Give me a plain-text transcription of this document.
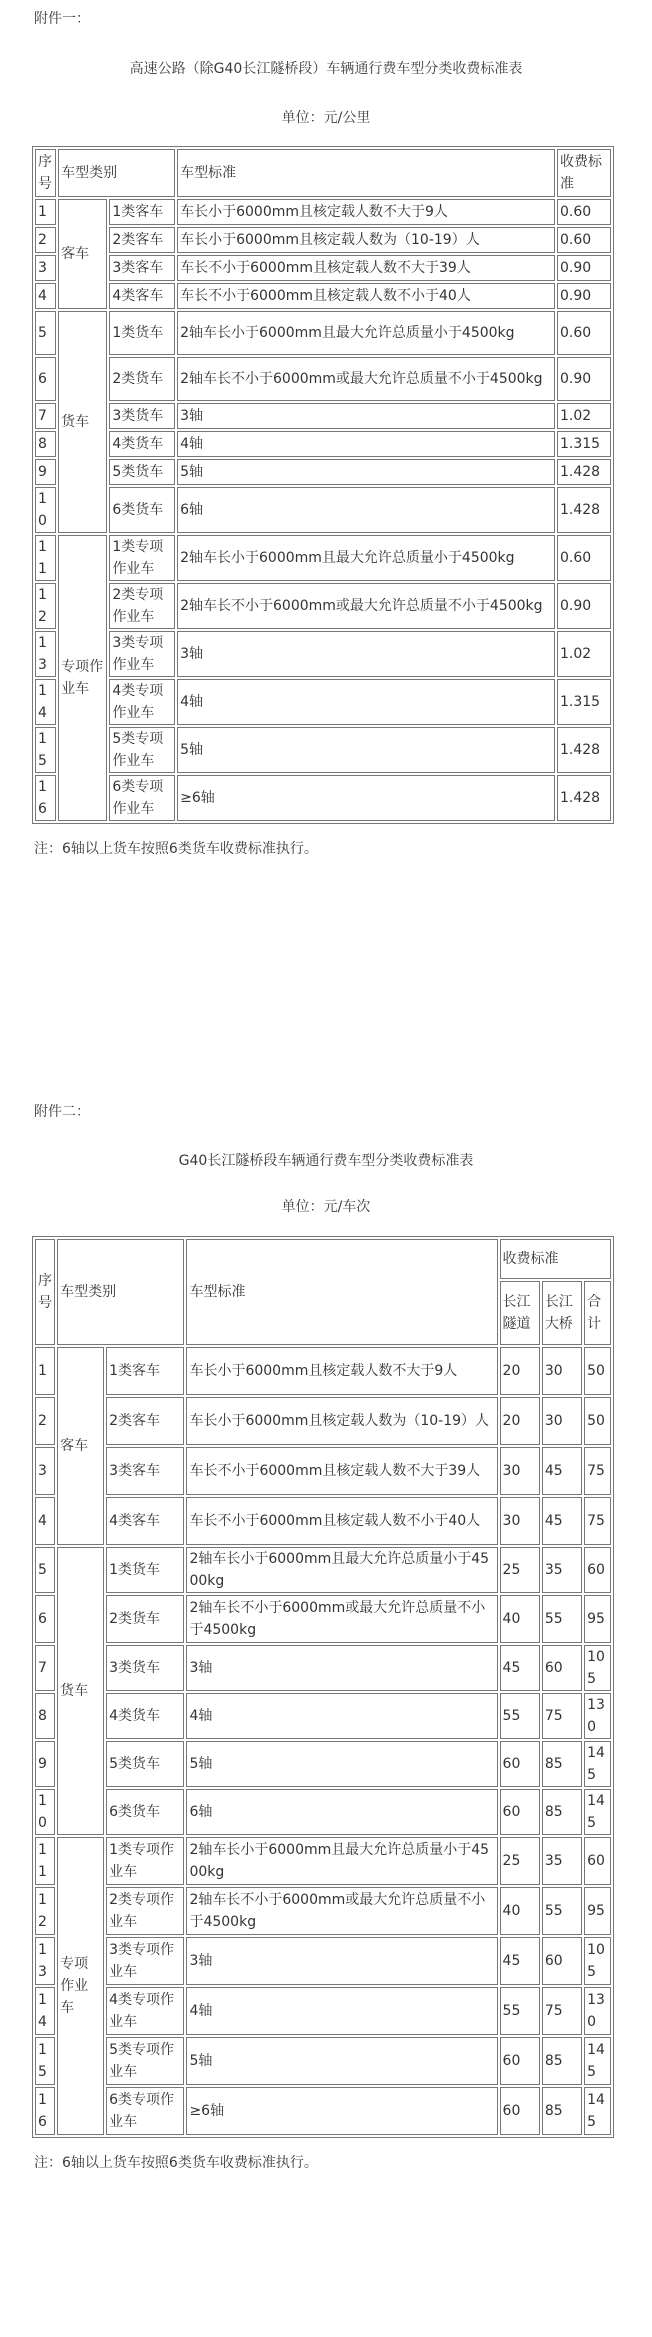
附件一：
高速公路（除G40长江隧桥段）车辆通行费车型分类收费标准表
单位：元/公里
序号	车型类别		车型标准	收费标准
1	客车	1类客车	车长小于6000mm且核定载人数不大于9人	0.60
2		2类客车	车长小于6000mm且核定载人数为（10-19）人	0.60
3		3类客车	车长不小于6000mm且核定载人数不大于39人	0.90
4		4类客车	车长不小于6000mm且核定载人数不小于40人	0.90
5	货车	1类货车	2轴车长小于6000mm且最大允许总质量小于4500kg	0.60
6		2类货车	2轴车长不小于6000mm或最大允许总质量不小于4500kg	0.90
7		3类货车	3轴	1.02
8		4类货车	4轴	1.315
9		5类货车	5轴	1.428
10		6类货车	6轴	1.428
11	专项作业车	1类专项作业车	2轴车长小于6000mm且最大允许总质量小于4500kg	0.60
12		2类专项作业车	2轴车长不小于6000mm或最大允许总质量不小于4500kg	0.90
13		3类专项作业车	3轴	1.02
14		4类专项作业车	4轴	1.315
15		5类专项作业车	5轴	1.428
16		6类专项作业车	≥6轴	1.428
注：6轴以上货车按照6类货车收费标准执行。
附件二：
G40长江隧桥段车辆通行费车型分类收费标准表
单位：元/车次
序号	车型类别		车型标准	收费标准		
				长江隧道	长江大桥	合计
1	客车	1类客车	车长小于6000mm且核定载人数不大于9人	20	30	50
2		2类客车	车长小于6000mm且核定载人数为（10-19）人	20	30	50
3		3类客车	车长不小于6000mm且核定载人数不大于39人	30	45	75
4		4类客车	车长不小于6000mm且核定载人数不小于40人	30	45	75
5	货车	1类货车	2轴车长小于6000mm且最大允许总质量小于4500kg	25	35	60
6		2类货车	2轴车长不小于6000mm或最大允许总质量不小于4500kg	40	55	95
7		3类货车	3轴	45	60	105
8		4类货车	4轴	55	75	130
9		5类货车	5轴	60	85	145
10		6类货车	6轴	60	85	145
11	专项作业车	1类专项作业车	2轴车长小于6000mm且最大允许总质量小于4500kg	25	35	60
12		2类专项作业车	2轴车长不小于6000mm或最大允许总质量不小于4500kg	40	55	95
13		3类专项作业车	3轴	45	60	105
14		4类专项作业车	4轴	55	75	130
15		5类专项作业车	5轴	60	85	145
16		6类专项作业车	≥6轴	60	85	145
注：6轴以上货车按照6类货车收费标准执行。
